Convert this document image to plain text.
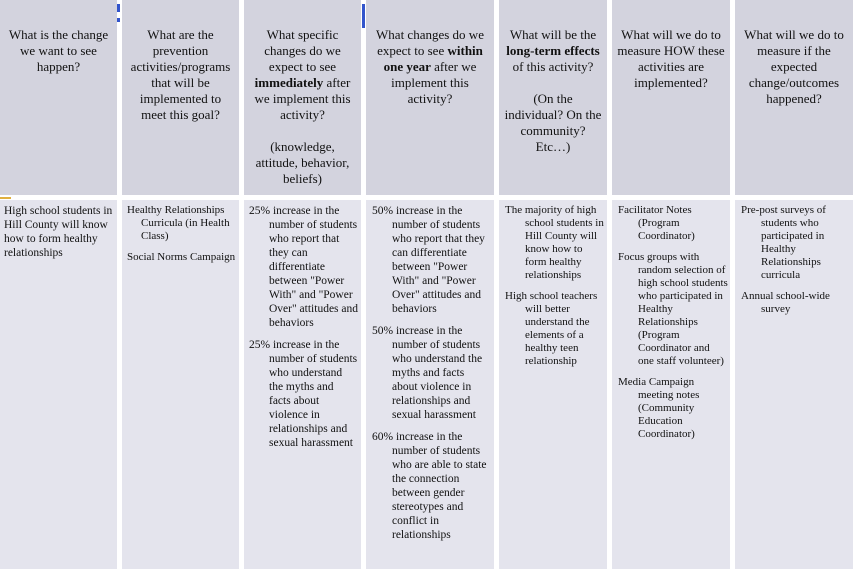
What is the change we want to see happen?

High school students in Hill County will know how to form healthy relationships

What are the prevention activities/programs that will be implemented to meet this goal?

Healthy Relationships Curricula (in Health Class)

Social Norms Campaign

What specific changes do we expect to see immediately after we implement this activity?

(knowledge, attitude, behavior, beliefs)

25% increase in the number of students who report that they can differentiate between "Power With" and "Power Over" attitudes and behaviors

25% increase in the number of students who understand the myths and facts about violence in relationships and sexual harassment

What changes do we expect to see within one year after we implement this activity?

50% increase in the number of students who report that they can differentiate between "Power With" and "Power Over" attitudes and behaviors

50% increase in the number of students who understand the myths and facts about violence in relationships and sexual harassment

60% increase in the number of students who are able to state the connection between gender stereotypes and conflict in relationships

What will be the long-term effects of this activity?

(On the individual? On the community? Etc…)

The majority of high school students in Hill County will know how to form healthy relationships

High school teachers will better understand the elements of a healthy teen relationship

What will we do to measure HOW these activities are implemented?

Facilitator Notes (Program Coordinator)

Focus groups with random selection of high school students who participated in Healthy Relationships (Program Coordinator and one staff volunteer)

Media Campaign meeting notes (Community Education Coordinator)

What will we do to measure if the expected change/outcomes happened?

Pre-post surveys of students who participated in Healthy Relationships curricula

Annual school-wide survey
